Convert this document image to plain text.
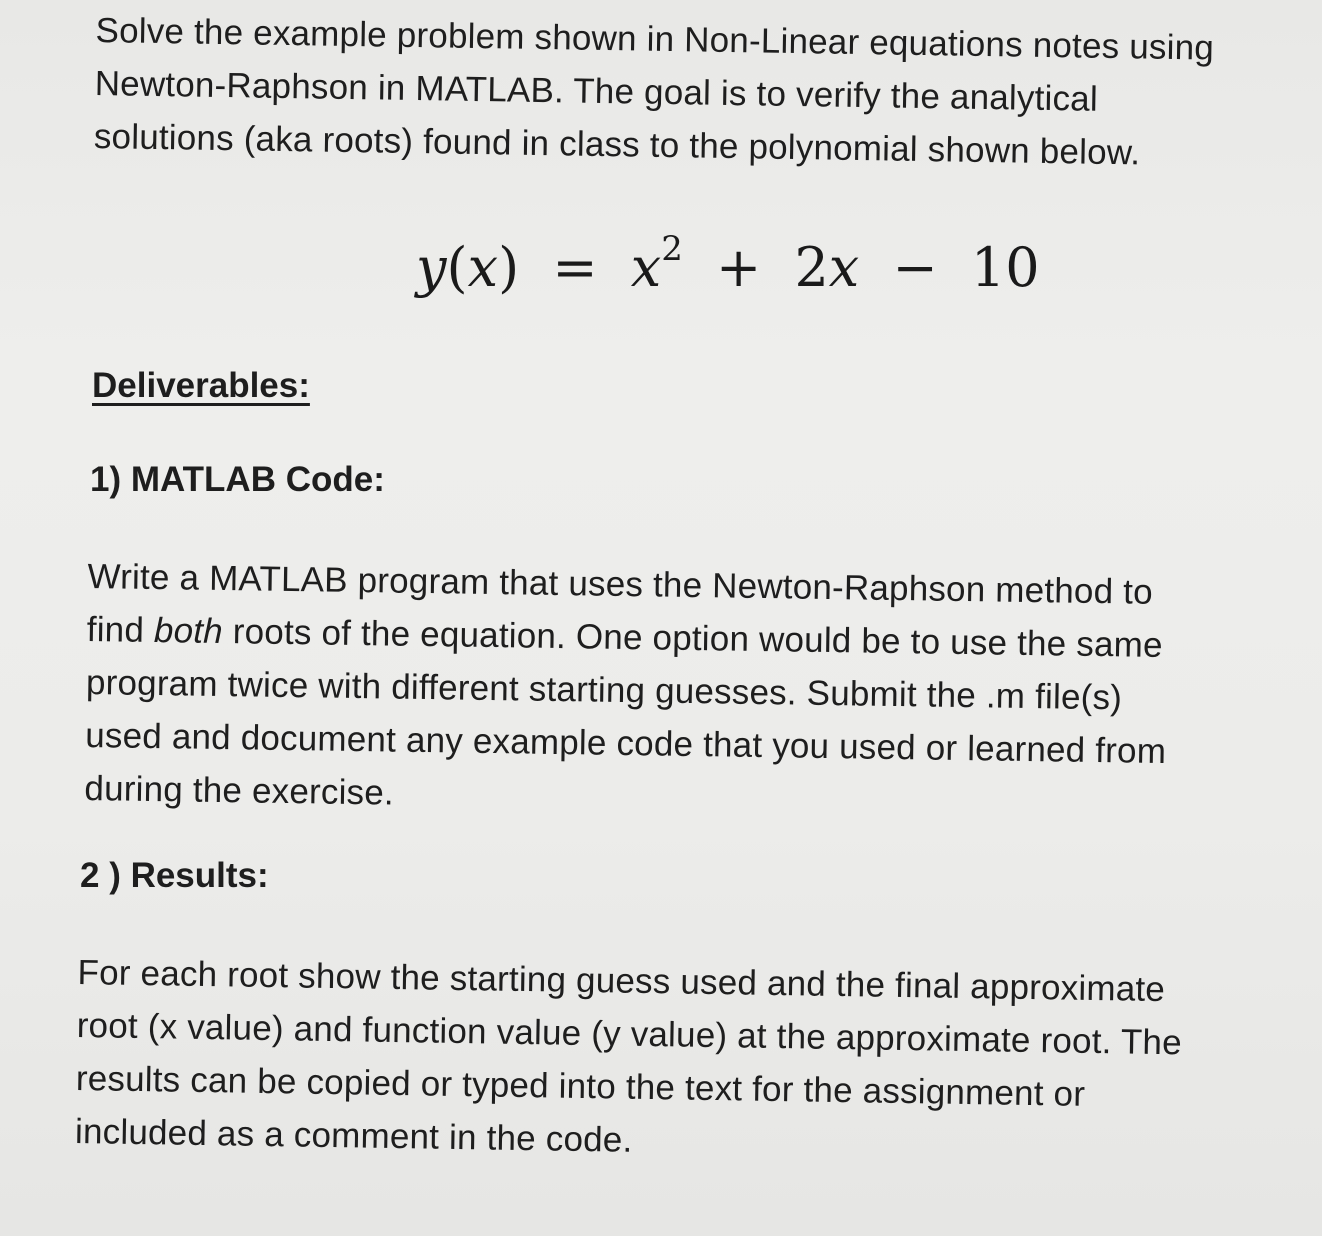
Solve the example problem shown in Non-Linear equations notes using
Newton-Raphson in MATLAB. The goal is to verify the analytical
solutions (aka roots) found in class to the polynomial shown below.

$y(x) = x^2 + 2x - 10$
Deliverables:
1) MATLAB Code:

Write a MATLAB program that uses the Newton-Raphson method to
find both roots of the equation. One option would be to use the same
program twice with different starting guesses. Submit the .m file(s)
used and document any example code that you used or learned from
during the exercise.

2 ) Results:

For each root show the starting guess used and the final approximate
root (x value) and function value (y value) at the approximate root. The
results can be copied or typed into the text for the assignment or
included as a comment in the code.
